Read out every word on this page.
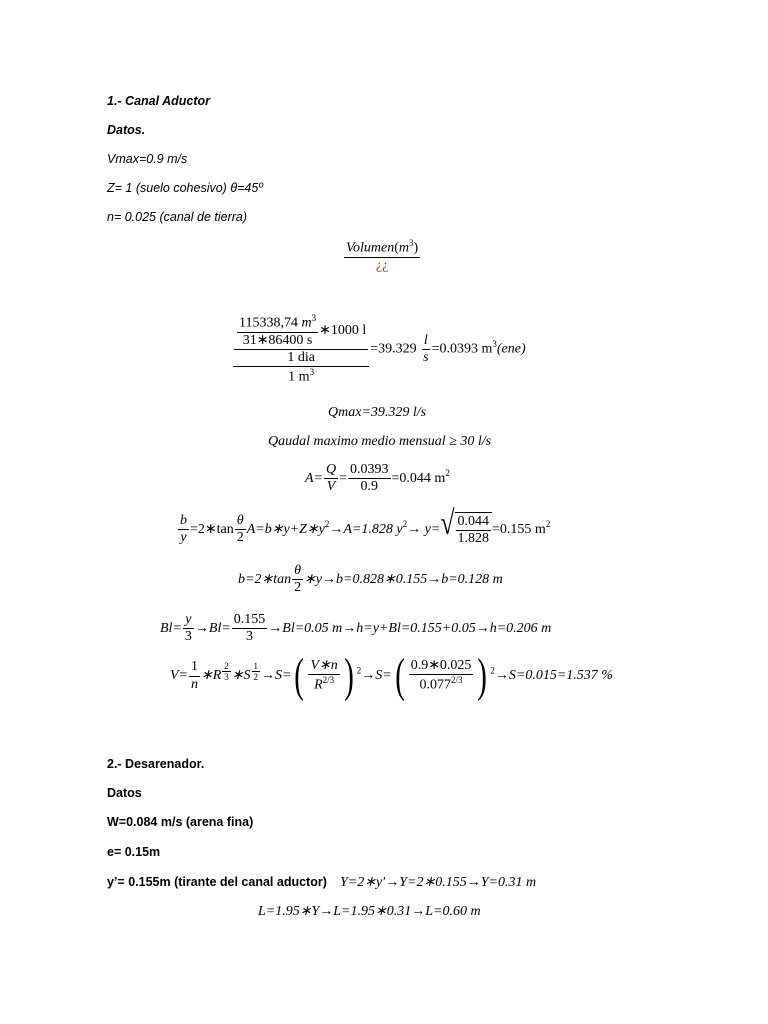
1.- Canal Aductor
Datos.
Vmax=0.9 m/s
Z= 1 (suelo cohesivo) θ=45º
n= 0.025 (canal de tierra)
$\frac{Volumen(m^3)}{¿¿}$
$\frac{\frac{\frac{115338,74 m^3}{31∗86400 s} ∗1000 l}{\text{1 dia}}}{1 m^3} =39.329 \frac{l}{s} =0.0393$ $m^3(ene)$
Qmax=39.329 l/s
Qaudal maximo medio mensual ≥ 30 l/s
$A= \frac{Q}{V} = \frac{0.0393}{0.9} =0.044$ $m^2$
$\frac{b}{y}$ =2∗tan $\frac{\theta}{2}$ $A=b∗y+Z∗y^2\to A=1.828$ $y^2\to y=$ √ $\frac{0.044}{1.828} =0.155$ $m^2$
b=2∗tan $\frac{\theta}{2}$ ∗y→b=0.828∗0.155→b=0.128 m
$Bl= \frac{y}{3} \to Bl= \frac{0.155}{3} \to Bl=0.05$ m→h=y+Bl=0.155+0.05→h=0.206 m
$V= \frac{1}{n}$ ∗R $^{\frac{2}{3}}$ ∗S $^{\frac{1}{2}} \to S=( \frac{V∗n}{R^{2/3}}$ ) $^2\to S=( \frac{0.9∗0.025}{0.077^{2/3}}$ ) $^2$→S=0.015=1.537 %
2.- Desarenador.
Datos
W=0.084 m/s (arena fina)
e= 0.15m
y’= 0.155m (tirante del canal aductor) Y=2∗y′→Y=2∗0.155→Y=0.31 m
L=1.95∗Y→L=1.95∗0.31→L=0.60 m
